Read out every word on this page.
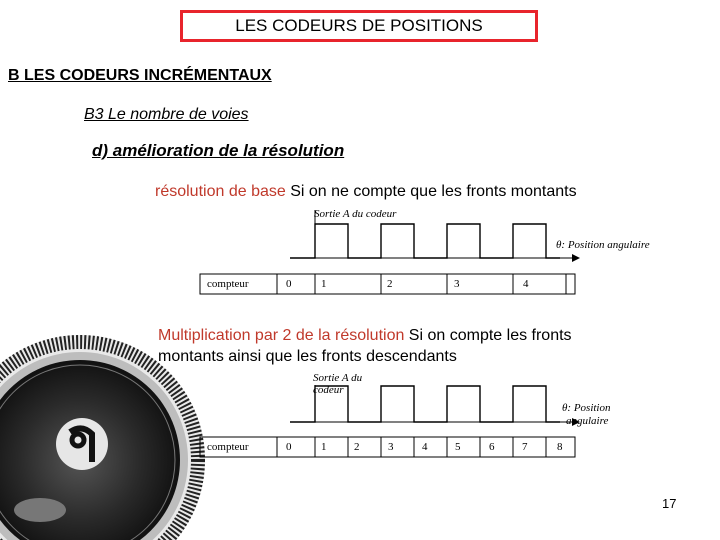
LES CODEURS DE POSITIONS
B LES CODEURS INCRÉMENTAUX
B3 Le nombre de voies
d) amélioration de la résolution
résolution de base Si on ne compte que les fronts montants
Multiplication par 2 de la résolution Si on compte les fronts montants ainsi que les fronts descendants
Sortie A du codeur
θ: Position angulaire
compteur	0	1	2	3	4
Sortie A du
codeur
θ: Position
angulaire
compteur	0	1	2	3	4	5	6	7	8
17
